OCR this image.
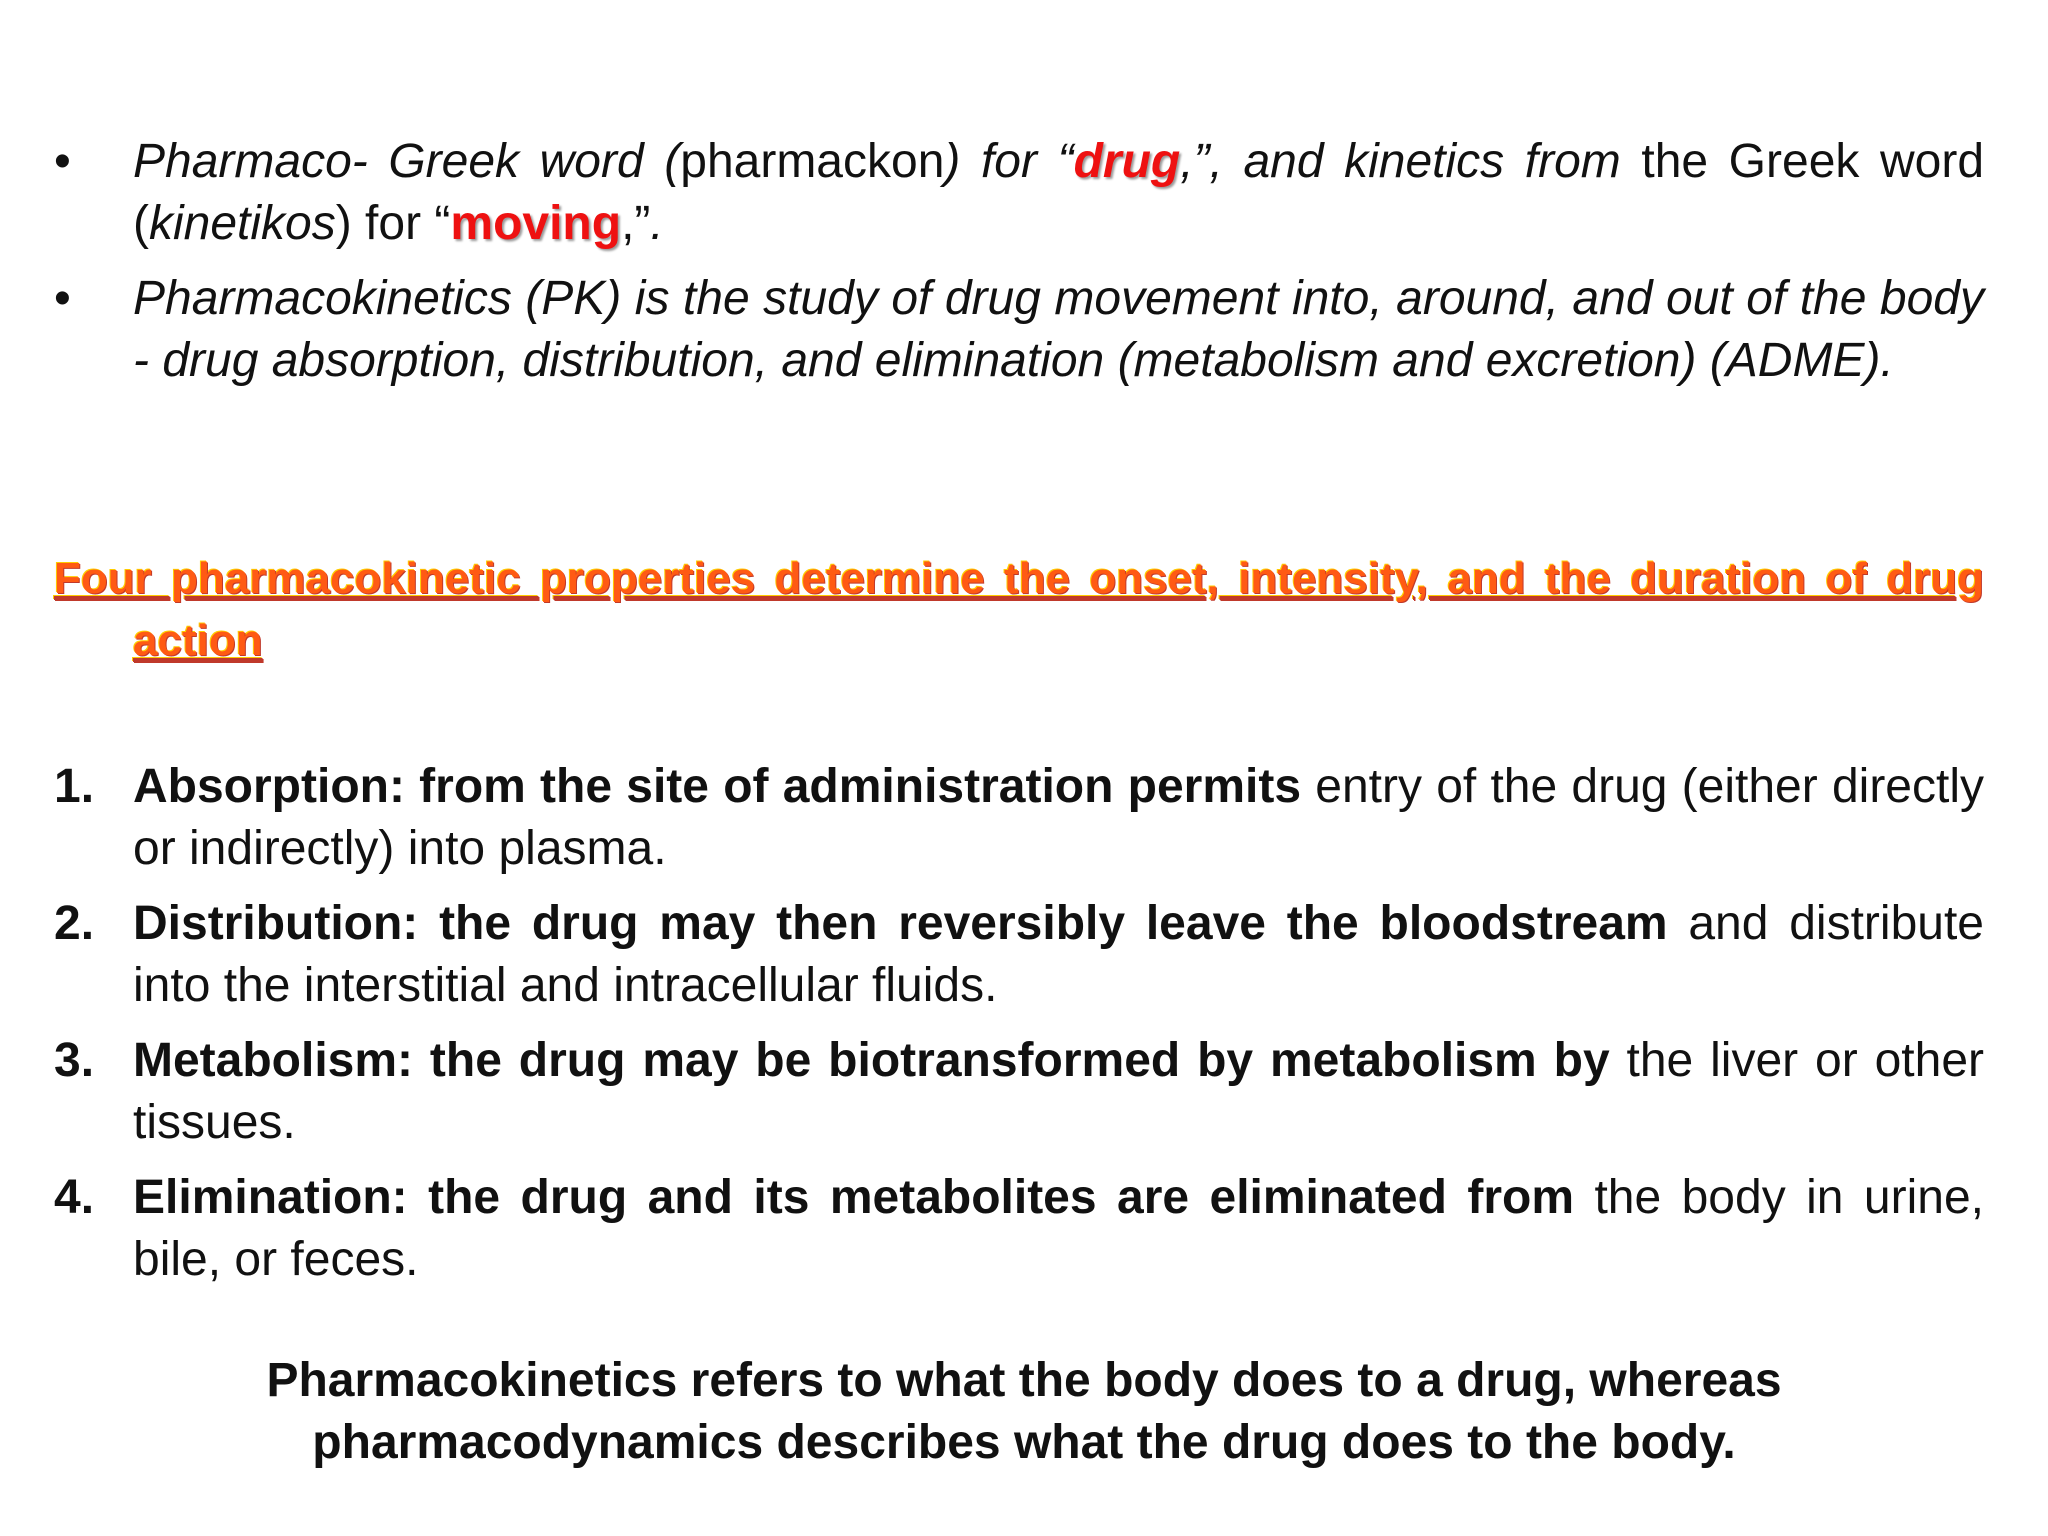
•	Pharmaco- Greek word (pharmackon) for “drug,”, and kinetics from the Greek word (kinetikos) for “moving,”.
•	Pharmacokinetics (PK) is the study of drug movement into, around, and out of the body - drug absorption, distribution, and elimination (metabolism and excretion) (ADME).
Four pharmacokinetic properties determine the onset, intensity, and the duration of drug action
1. Absorption: from the site of administration permits entry of the drug (either directly or indirectly) into plasma.
2. Distribution: the drug may then reversibly leave the bloodstream and distribute into the interstitial and intracellular fluids.
3. Metabolism: the drug may be biotransformed by metabolism by the liver or other tissues.
4. Elimination: the drug and its metabolites are eliminated from the body in urine, bile, or feces.
Pharmacokinetics refers to what the body does to a drug, whereas
pharmacodynamics describes what the drug does to the body.
